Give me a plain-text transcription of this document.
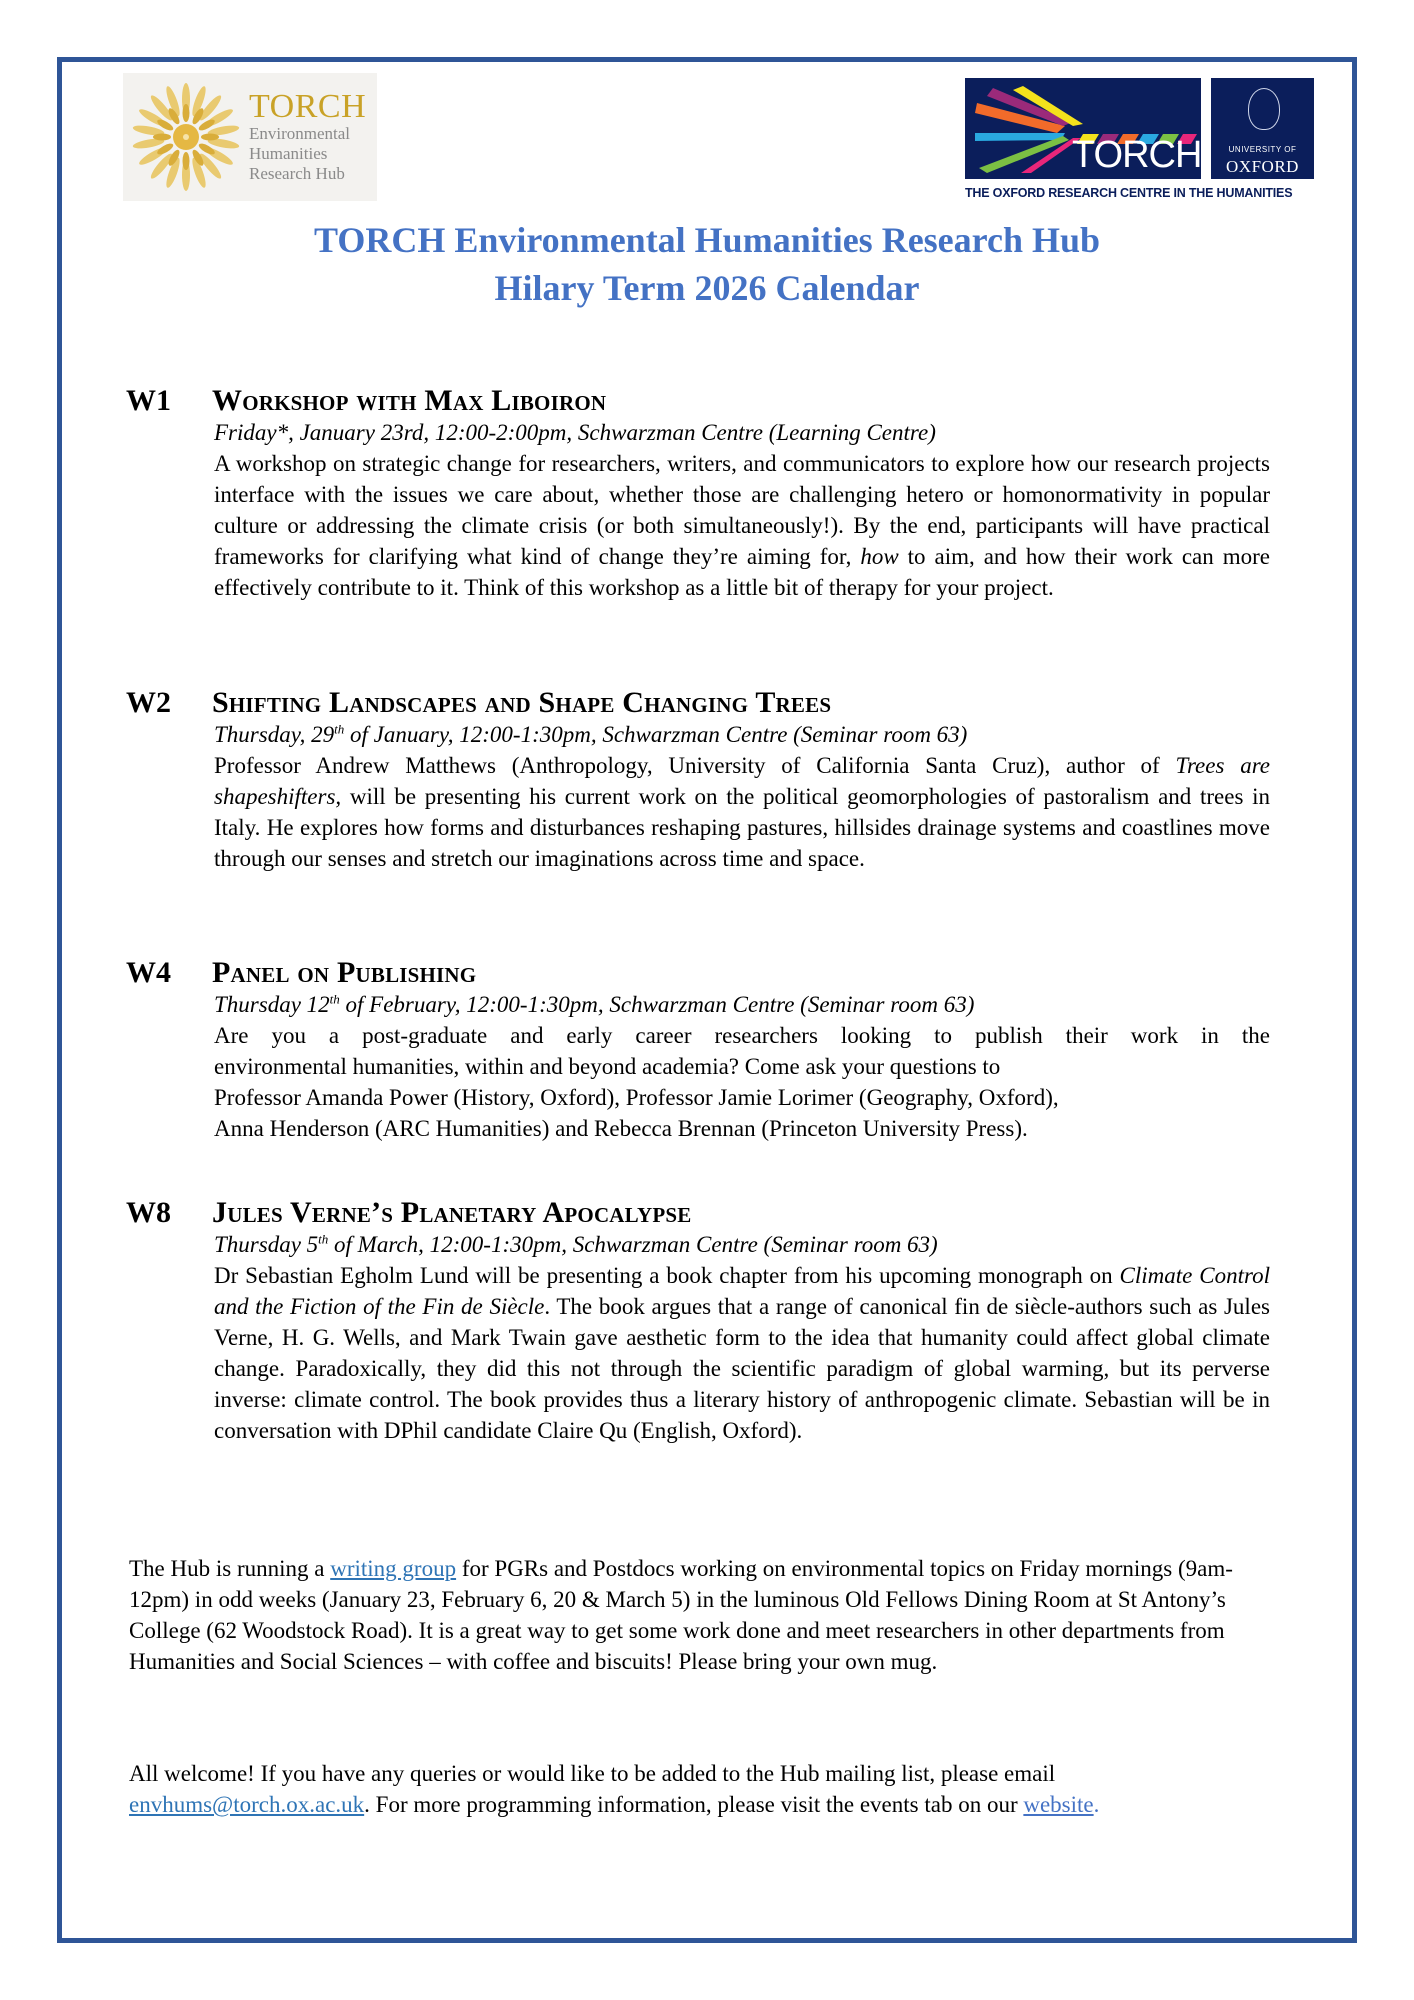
TORCH
Environmental
Humanities
Research Hub	TORCH	UNIVERSITY OF
OXFORD
THE OXFORD RESEARCH CENTRE IN THE HUMANITIES
TORCH Environmental Humanities Research Hub
Hilary Term 2026 Calendar
W1 Workshop with Max Liboiron
Friday*, January 23rd, 12:00-2:00pm, Schwarzman Centre (Learning Centre)
A workshop on strategic change for researchers, writers, and communicators to explore how our research projects interface with the issues we care about, whether those are challenging hetero or homonormativity in popular culture or addressing the climate crisis (or both simultaneously!). By the end, participants will have practical frameworks for clarifying what kind of change they’re aiming for, how to aim, and how their work can more effectively contribute to it. Think of this workshop as a little bit of therapy for your project.
W2 Shifting Landscapes and Shape Changing Trees
Thursday, 29th of January, 12:00-1:30pm, Schwarzman Centre (Seminar room 63)
Professor Andrew Matthews (Anthropology, University of California Santa Cruz), author of Trees are shapeshifters, will be presenting his current work on the political geomorphologies of pastoralism and trees in Italy. He explores how forms and disturbances reshaping pastures, hillsides drainage systems and coastlines move through our senses and stretch our imaginations across time and space.
W4 Panel on Publishing
Thursday 12th of February, 12:00-1:30pm, Schwarzman Centre (Seminar room 63)
Are you a post-graduate and early career researchers looking to publish their work in the
environmental humanities, within and beyond academia? Come ask your questions to
Professor Amanda Power (History, Oxford), Professor Jamie Lorimer (Geography, Oxford),
Anna Henderson (ARC Humanities) and Rebecca Brennan (Princeton University Press).
W8 Jules Verne’s Planetary Apocalypse
Thursday 5th of March, 12:00-1:30pm, Schwarzman Centre (Seminar room 63)
Dr Sebastian Egholm Lund will be presenting a book chapter from his upcoming monograph on Climate Control and the Fiction of the Fin de Siècle. The book argues that a range of canonical fin de siècle-authors such as Jules Verne, H. G. Wells, and Mark Twain gave aesthetic form to the idea that humanity could affect global climate change. Paradoxically, they did this not through the scientific paradigm of global warming, but its perverse inverse: climate control. The book provides thus a literary history of anthropogenic climate. Sebastian will be in conversation with DPhil candidate Claire Qu (English, Oxford).
The Hub is running a writing group for PGRs and Postdocs working on environmental topics on Friday mornings (9am-12pm) in odd weeks (January 23, February 6, 20 & March 5) in the luminous Old Fellows Dining Room at St Antony’s College (62 Woodstock Road). It is a great way to get some work done and meet researchers in other departments from Humanities and Social Sciences – with coffee and biscuits! Please bring your own mug.
All welcome! If you have any queries or would like to be added to the Hub mailing list, please email envhums@torch.ox.ac.uk. For more programming information, please visit the events tab on our website.
